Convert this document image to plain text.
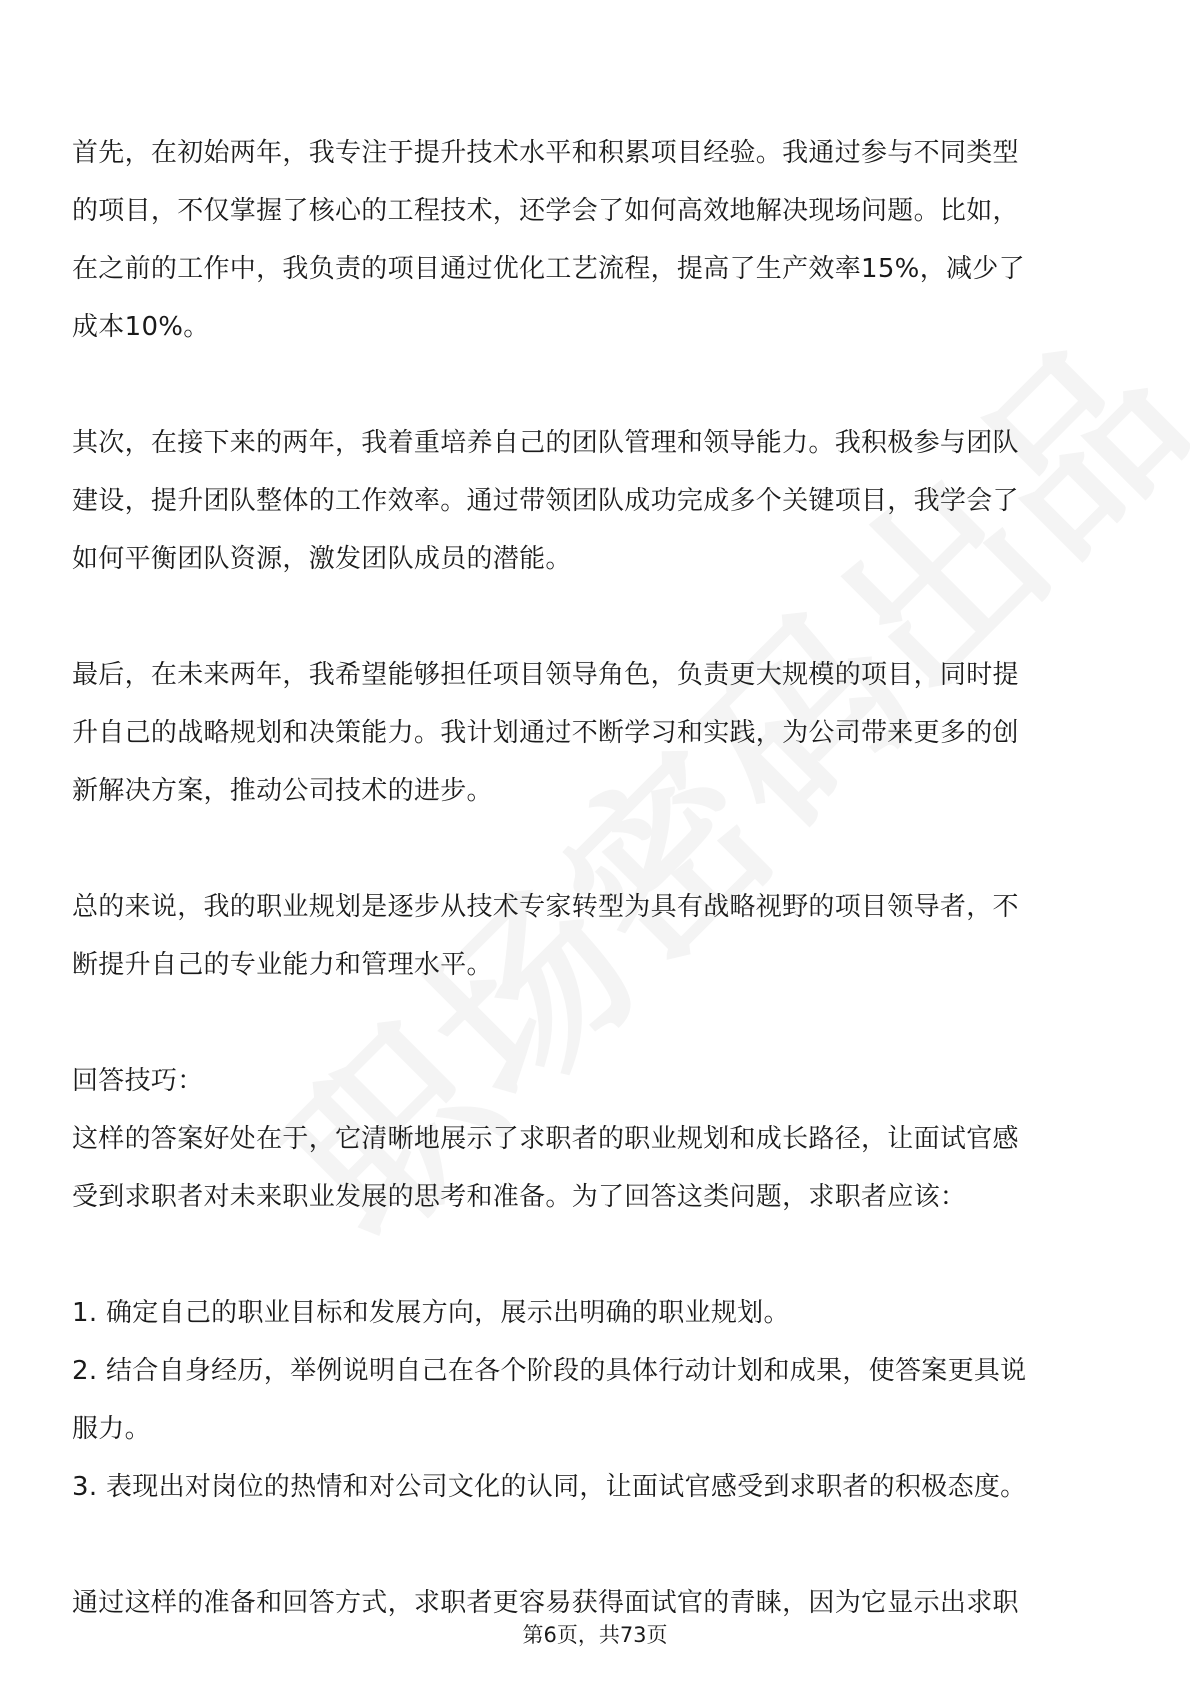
首先，在初始两年，我专注于提升技术水平和积累项目经验。我通过参与不同类型
的项目，不仅掌握了核心的工程技术，还学会了如何高效地解决现场问题。比如，
在之前的工作中，我负责的项目通过优化工艺流程，提高了生产效率15%，减少了
成本10%。
其次，在接下来的两年，我着重培养自己的团队管理和领导能力。我积极参与团队
建设，提升团队整体的工作效率。通过带领团队成功完成多个关键项目，我学会了
如何平衡团队资源，激发团队成员的潜能。
最后，在未来两年，我希望能够担任项目领导角色，负责更大规模的项目，同时提
升自己的战略规划和决策能力。我计划通过不断学习和实践，为公司带来更多的创
新解决方案，推动公司技术的进步。
总的来说，我的职业规划是逐步从技术专家转型为具有战略视野的项目领导者，不
断提升自己的专业能力和管理水平。
回答技巧：
这样的答案好处在于，它清晰地展示了求职者的职业规划和成长路径，让面试官感
受到求职者对未来职业发展的思考和准备。为了回答这类问题，求职者应该：
1. 确定自己的职业目标和发展方向，展示出明确的职业规划。
2. 结合自身经历，举例说明自己在各个阶段的具体行动计划和成果，使答案更具说
服力。
3. 表现出对岗位的热情和对公司文化的认同，让面试官感受到求职者的积极态度。
通过这样的准备和回答方式，求职者更容易获得面试官的青睐，因为它显示出求职
第6页，共73页
